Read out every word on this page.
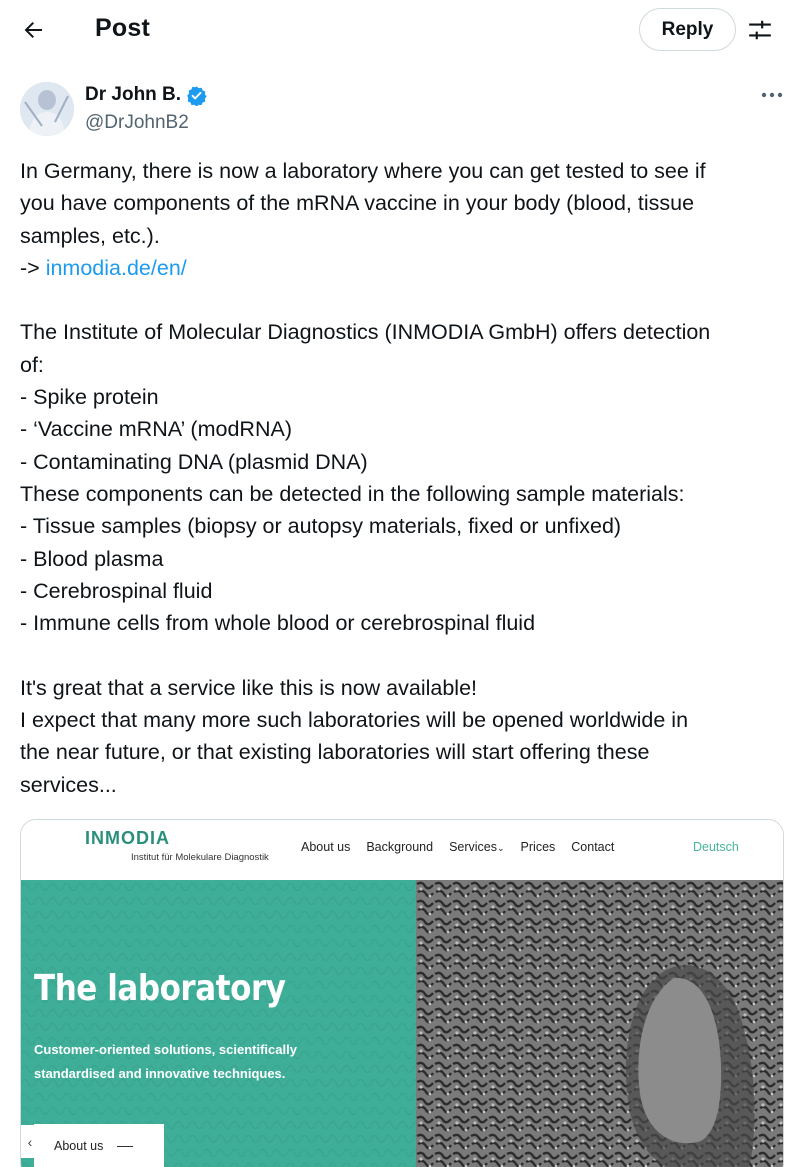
Post	Reply
Dr John B.
@DrJohnB2

In Germany, there is now a laboratory where you can get tested to see if

you have components of the mRNA vaccine in your body (blood, tissue

samples, etc.).

-> inmodia.de/en/

The Institute of Molecular Diagnostics (INMODIA GmbH) offers detection

of:

- Spike protein

- ‘Vaccine mRNA’ (modRNA)

- Contaminating DNA (plasmid DNA)

These components can be detected in the following sample materials:

- Tissue samples (biopsy or autopsy materials, fixed or unfixed)

- Blood plasma

- Cerebrospinal fluid

- Immune cells from whole blood or cerebrospinal fluid

It's great that a service like this is now available!

I expect that many more such laboratories will be opened worldwide in

the near future, or that existing laboratories will start offering these

services...

INMODIA
Institut für Molekulare Diagnostik
About us Background Services⌄ Prices Contact	Deutsch
The laboratory
Customer-oriented solutions, scientifically
standardised and innovative techniques.
About us
‹
